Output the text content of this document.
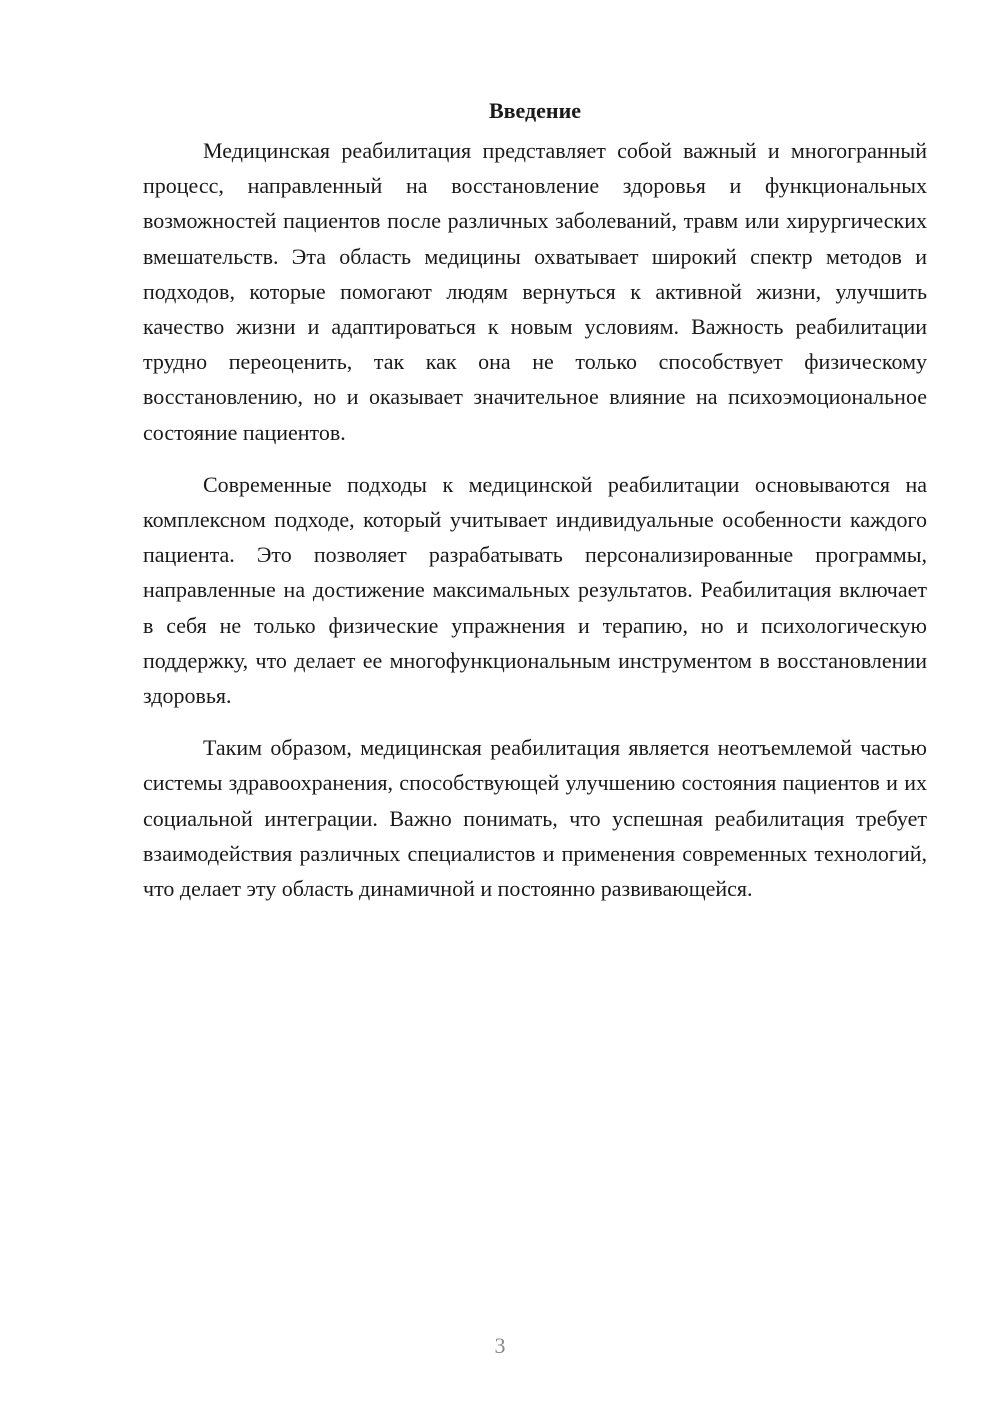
Введение

Медицинская реабилитация представляет собой важный и многогранный процесс, направленный на восстановление здоровья и функциональных возможностей пациентов после различных заболеваний, травм или хирургических вмешательств. Эта область медицины охватывает широкий спектр методов и подходов, которые помогают людям вернуться к активной жизни, улучшить качество жизни и адаптироваться к новым условиям. Важность реабилитации трудно переоценить, так как она не только способствует физическому восстановлению, но и оказывает значительное влияние на психоэмоциональное состояние пациентов.

Современные подходы к медицинской реабилитации основываются на комплексном подходе, который учитывает индивидуальные особенности каждого пациента. Это позволяет разрабатывать персонализированные программы, направленные на достижение максимальных результатов. Реабилитация включает в себя не только физические упражнения и терапию, но и психологическую поддержку, что делает ее многофункциональным инструментом в восстановлении здоровья.

Таким образом, медицинская реабилитация является неотъемлемой частью системы здравоохранения, способствующей улучшению состояния пациентов и их социальной интеграции. Важно понимать, что успешная реабилитация требует взаимодействия различных специалистов и применения современных технологий, что делает эту область динамичной и постоянно развивающейся.

3
